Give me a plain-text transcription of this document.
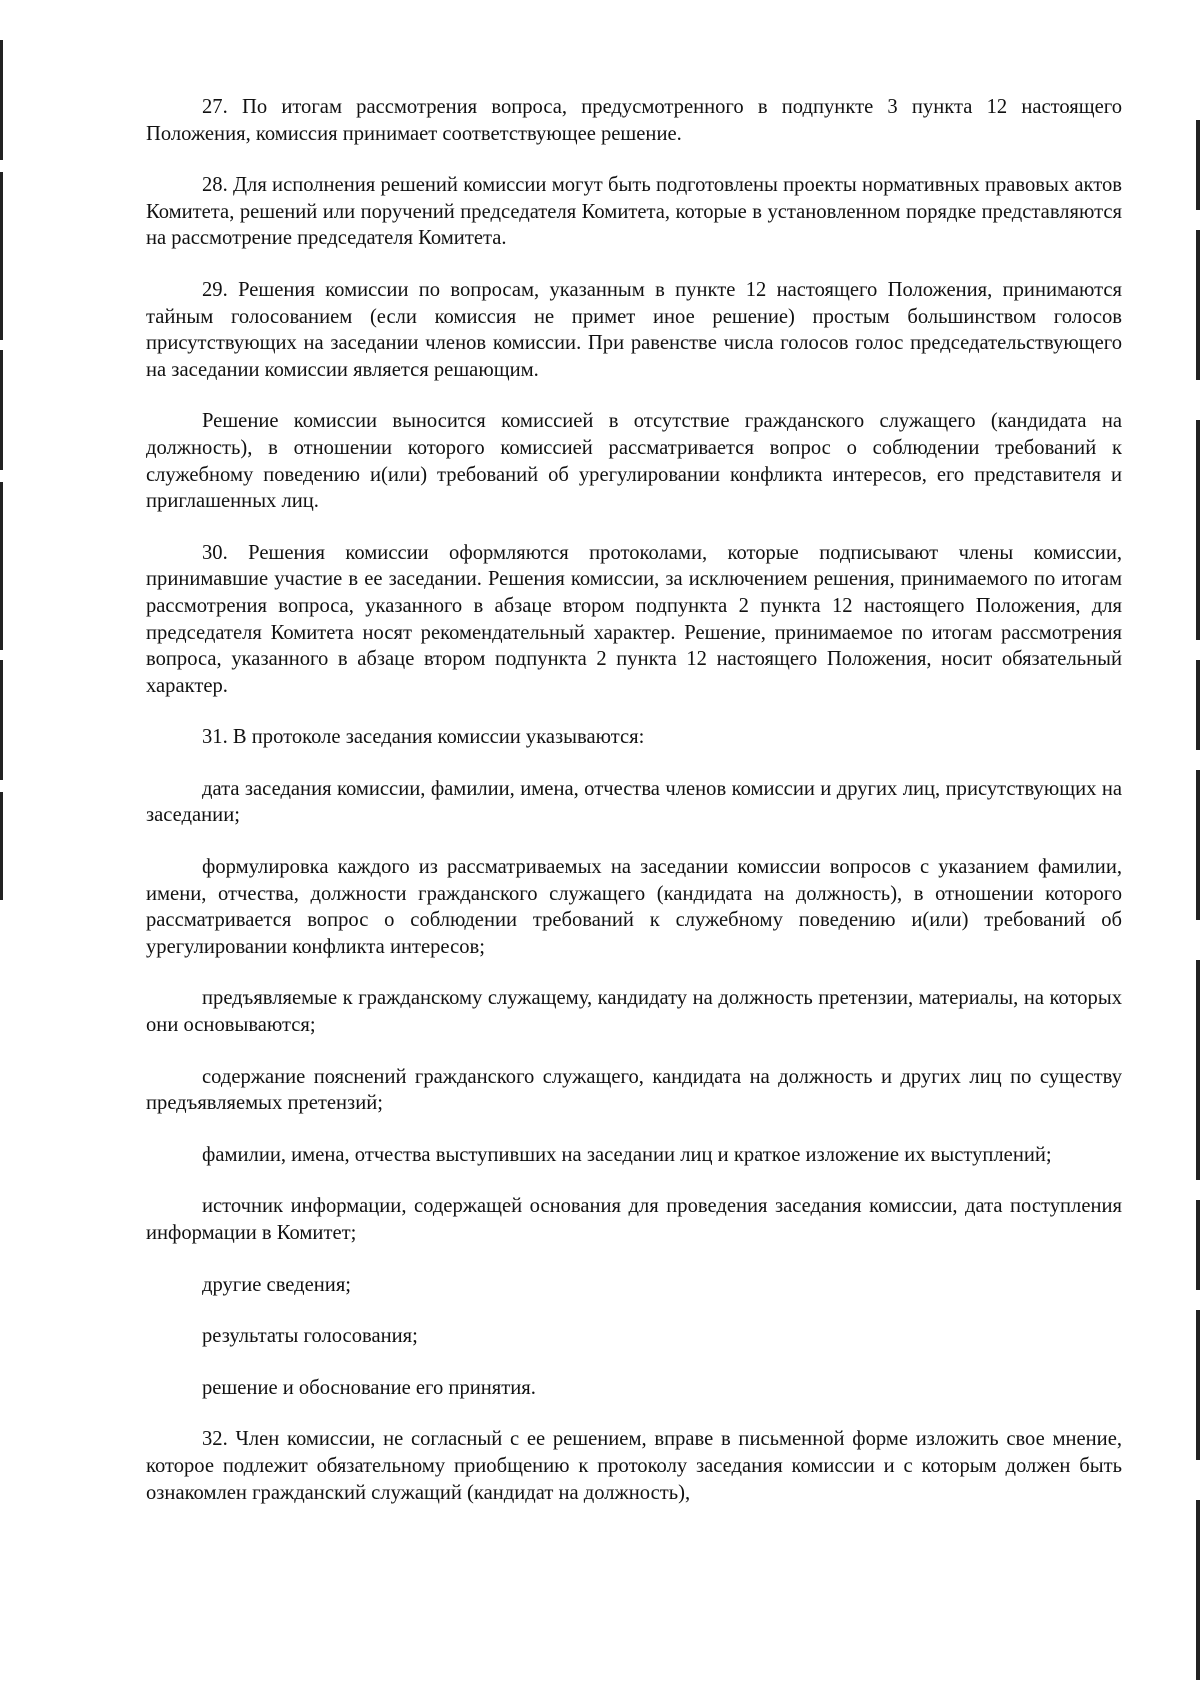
27. По итогам рассмотрения вопроса, предусмотренного в подпункте 3 пункта 12 настоящего Положения, комиссия принимает соответствующее решение.

28. Для исполнения решений комиссии могут быть подготовлены проекты нормативных правовых актов Комитета, решений или поручений председателя Комитета, которые в установленном порядке представляются на рассмотрение председателя Комитета.

29. Решения комиссии по вопросам, указанным в пункте 12 настоящего Положения, принимаются тайным голосованием (если комиссия не примет иное решение) простым большинством голосов присутствующих на заседании членов комиссии. При равенстве числа голосов голос председательствующего на заседании комиссии является решающим.

Решение комиссии выносится комиссией в отсутствие гражданского служащего (кандидата на должность), в отношении которого комиссией рассматривается вопрос о соблюдении требований к служебному поведению и(или) требований об урегулировании конфликта интересов, его представителя и приглашенных лиц.

30. Решения комиссии оформляются протоколами, которые подписывают члены комиссии, принимавшие участие в ее заседании. Решения комиссии, за исключением решения, принимаемого по итогам рассмотрения вопроса, указанного в абзаце втором подпункта 2 пункта 12 настоящего Положения, для председателя Комитета носят рекомендательный характер. Решение, принимаемое по итогам рассмотрения вопроса, указанного в абзаце втором подпункта 2 пункта 12 настоящего Положения, носит обязательный характер.

31. В протоколе заседания комиссии указываются:

дата заседания комиссии, фамилии, имена, отчества членов комиссии и других лиц, присутствующих на заседании;

формулировка каждого из рассматриваемых на заседании комиссии вопросов с указанием фамилии, имени, отчества, должности гражданского служащего (кандидата на должность), в отношении которого рассматривается вопрос о соблюдении требований к служебному поведению и(или) требований об урегулировании конфликта интересов;

предъявляемые к гражданскому служащему, кандидату на должность претензии, материалы, на которых они основываются;

содержание пояснений гражданского служащего, кандидата на должность и других лиц по существу предъявляемых претензий;

фамилии, имена, отчества выступивших на заседании лиц и краткое изложение их выступлений;

источник информации, содержащей основания для проведения заседания комиссии, дата поступления информации в Комитет;

другие сведения;

результаты голосования;

решение и обоснование его принятия.

32. Член комиссии, не согласный с ее решением, вправе в письменной форме изложить свое мнение, которое подлежит обязательному приобщению к протоколу заседания комиссии и с которым должен быть ознакомлен гражданский служащий (кандидат на должность),
